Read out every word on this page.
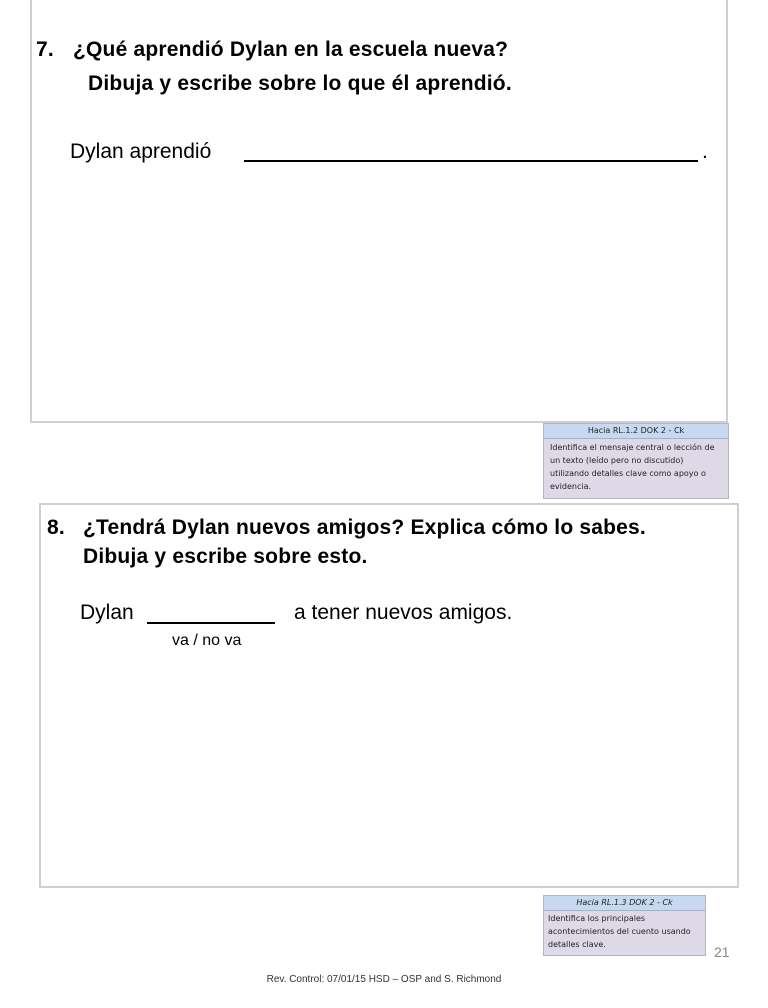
7. ¿Qué aprendió Dylan en la escuela nueva?
Dibuja y escribe sobre lo que él aprendió.
Dylan aprendió	.
Hacia RL.1.2 DOK 2 - Ck
Identifica el mensaje central o lección de un texto (leído pero no discutido) utilizando detalles clave como apoyo o evidencia.
8. ¿Tendrá Dylan nuevos amigos? Explica cómo lo sabes.
Dibuja y escribe sobre esto.
Dylan	a tener nuevos amigos.
va / no va
Hacia RL.1.3 DOK 2 - Ck
Identifica los principales acontecimientos del cuento usando detalles clave.	21
Rev. Control: 07/01/15 HSD – OSP and S. Richmond
